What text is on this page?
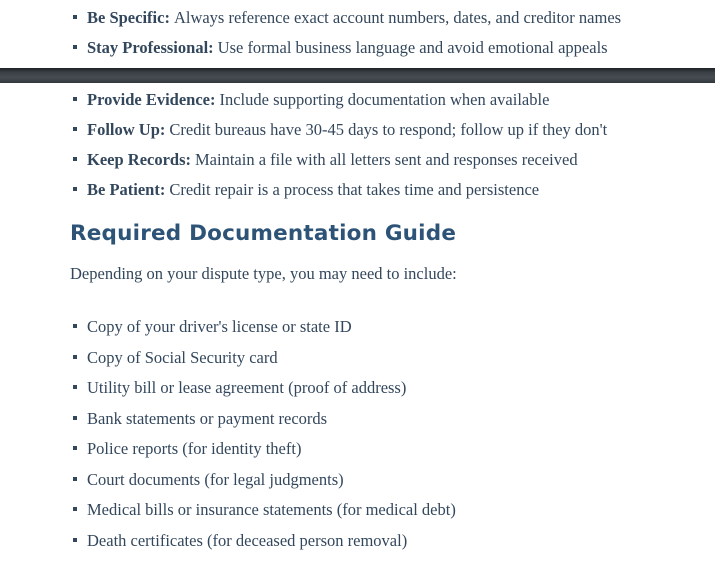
Be Specific: Always reference exact account numbers, dates, and creditor names
Stay Professional: Use formal business language and avoid emotional appeals
Provide Evidence: Include supporting documentation when available
Follow Up: Credit bureaus have 30-45 days to respond; follow up if they don't
Keep Records: Maintain a file with all letters sent and responses received
Be Patient: Credit repair is a process that takes time and persistence
Required Documentation Guide

Depending on your dispute type, you may need to include:

Copy of your driver's license or state ID
Copy of Social Security card
Utility bill or lease agreement (proof of address)
Bank statements or payment records
Police reports (for identity theft)
Court documents (for legal judgments)
Medical bills or insurance statements (for medical debt)
Death certificates (for deceased person removal)
